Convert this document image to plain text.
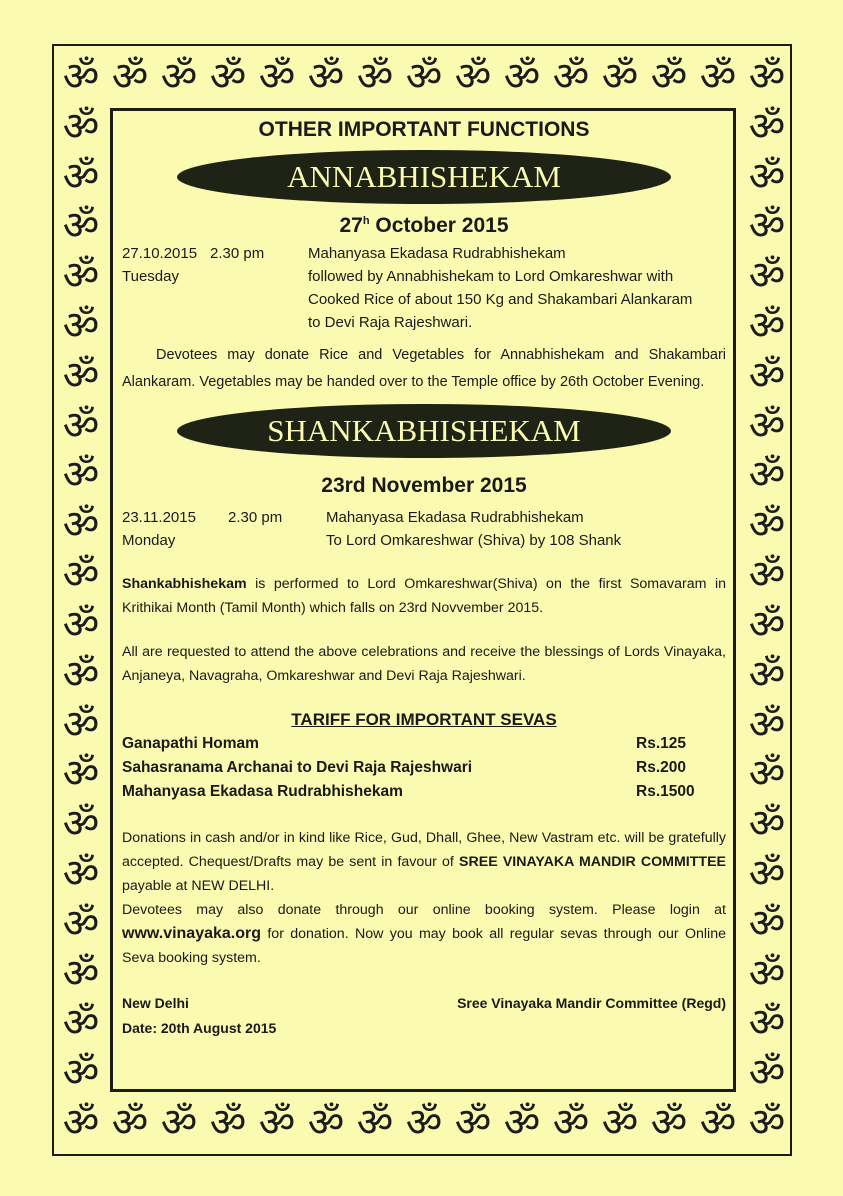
ॐ
ॐ
ॐ
ॐ
ॐ
ॐ
ॐ
ॐ
ॐ
ॐ
ॐ
ॐ
ॐ
ॐ
ॐ
ॐ
ॐ
ॐ
ॐ
ॐ
ॐ
ॐ
ॐ
ॐ
ॐ
ॐ
ॐ
ॐ
ॐ
ॐ
ॐ	ॐ
ॐ	ॐ
ॐ	ॐ
ॐ	ॐ
ॐ	ॐ
ॐ	ॐ
ॐ	ॐ
ॐ	ॐ
ॐ	ॐ
ॐ	ॐ
ॐ	ॐ
ॐ	ॐ
ॐ	ॐ
ॐ	ॐ
ॐ	ॐ
ॐ	ॐ
ॐ	ॐ
ॐ	ॐ
ॐ	ॐ
ॐ	ॐ
OTHER IMPORTANT FUNCTIONS
ANNABHISHEKAM
27$^h$ October 2015
27.10.2015 2.30 pm	Mahanyasa Ekadasa Rudrabhishekam
Tuesday	followed by Annabhishekam to Lord Omkareshwar with
Cooked Rice of about 150 Kg and Shakambari Alankaram
to Devi Raja Rajeshwari.
Devotees may donate Rice and Vegetables for Annabhishekam and Shakambari Alankaram. Vegetables may be handed over to the Temple office by 26th October Evening.
SHANKABHISHEKAM
23rd November 2015
23.11.2015	2.30 pm	Mahanyasa Ekadasa Rudrabhishekam
Monday	To Lord Omkareshwar (Shiva) by 108 Shank
Shankabhishekam is performed to Lord Omkareshwar(Shiva) on the first Somavaram in Krithikai Month (Tamil Month) which falls on 23rd Novvember 2015.
All are requested to attend the above celebrations and receive the blessings of Lords Vinayaka, Anjaneya, Navagraha, Omkareshwar and Devi Raja Rajeshwari.
TARIFF FOR IMPORTANT SEVAS
Ganapathi Homam	Rs.125
Sahasranama Archanai to Devi Raja Rajeshwari	Rs.200
Mahanyasa Ekadasa Rudrabhishekam	Rs.1500
Donations in cash and/or in kind like Rice, Gud, Dhall, Ghee, New Vastram etc. will be gratefully accepted. Chequest/Drafts may be sent in favour of SREE VINAYAKA MANDIR COMMITTEE payable at NEW DELHI.
Devotees may also donate through our online booking system. Please login at www.vinayaka.org for donation. Now you may book all regular sevas through our Online Seva booking system.
New Delhi	Sree Vinayaka Mandir Committee (Regd)
Date: 20th August 2015
